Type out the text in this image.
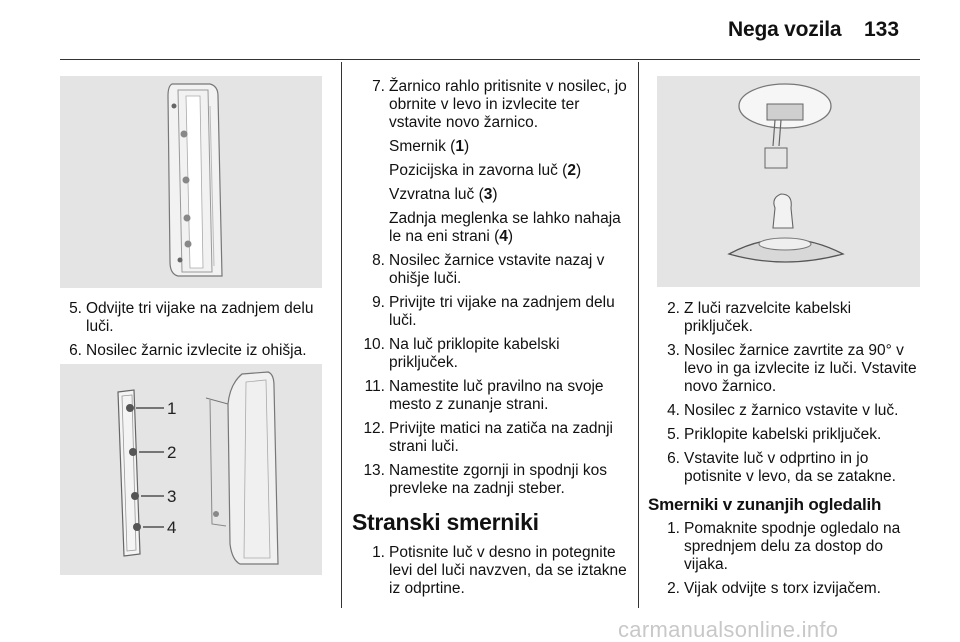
Nega vozila 133
5. Odvijte tri vijake na zadnjem delu luči.
6. Nosilec žarnic izvlecite iz ohišja.
1
2
3
4
7. Žarnico rahlo pritisnite v nosilec, jo obrnite v levo in izvlecite ter vstavite novo žarnico.
Smernik (1)
Pozicijska in zavorna luč (2)
Vzvratna luč (3)
Zadnja meglenka se lahko nahaja le na eni strani (4)
8. Nosilec žarnice vstavite nazaj v ohišje luči.
9. Privijte tri vijake na zadnjem delu luči.
10. Na luč priklopite kabelski priključek.
11. Namestite luč pravilno na svoje mesto z zunanje strani.
12. Privijte matici na zatiča na zadnji strani luči.
13. Namestite zgornji in spodnji kos prevleke na zadnji steber.
Stranski smerniki
1. Potisnite luč v desno in potegnite levi del luči navzven, da se iztakne iz odprtine.
2. Z luči razvelcite kabelski priključek.
3. Nosilec žarnice zavrtite za 90° v levo in ga izvlecite iz luči. Vstavite novo žarnico.
4. Nosilec z žarnico vstavite v luč.
5. Priklopite kabelski priključek.
6. Vstavite luč v odprtino in jo potisnite v levo, da se zatakne.
Smerniki v zunanjih ogledalih
1. Pomaknite spodnje ogledalo na sprednjem delu za dostop do vijaka.
2. Vijak odvijte s torx izvijačem.
carmanualsonline.info
